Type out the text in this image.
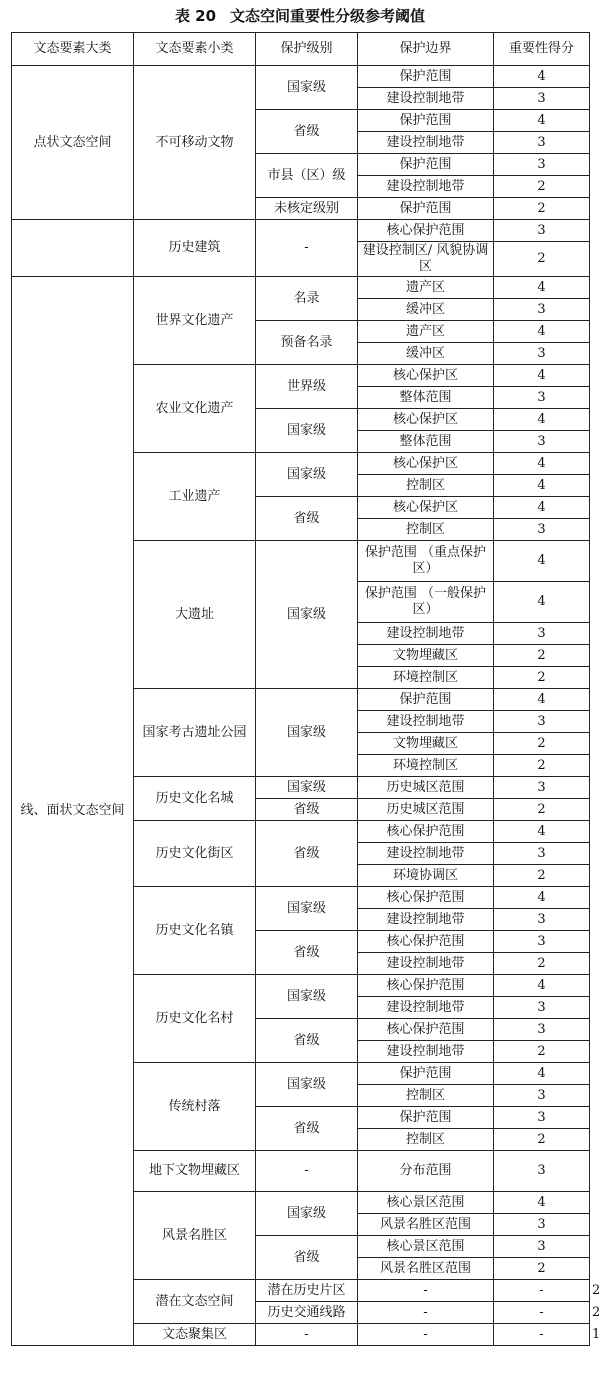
表 20 文态空间重要性分级参考阈值
文态要素大类	文态要素小类	保护级别	保护边界	重要性得分	
点状文态空间	不可移动文物	国家级	保护范围	4	
			建设控制地带	3	
		省级	保护范围	4	
			建设控制地带	3	
		市县（区）级	保护范围	3	
			建设控制地带	2	
		未核定级别	保护范围	2	
	历史建筑	-	核心保护范围	3	
			建设控制区/ 风貌协调区	2	
线、面状文态空间	世界文化遗产	名录	遗产区	4	
			缓冲区	3	
		预备名录	遗产区	4	
			缓冲区	3	
	农业文化遗产	世界级	核心保护区	4	
			整体范围	3	
		国家级	核心保护区	4	
			整体范围	3	
	工业遗产	国家级	核心保护区	4	
			控制区	4	
		省级	核心保护区	4	
			控制区	3	
	大遗址	国家级	保护范围 （重点保护区）	4	
			保护范围 （一般保护区）	4	
			建设控制地带	3	
			文物埋藏区	2	
			环境控制区	2	
	国家考古遗址公园	国家级	保护范围	4	
			建设控制地带	3	
			文物埋藏区	2	
			环境控制区	2	
	历史文化名城	国家级	历史城区范围	3	
		省级	历史城区范围	2	
	历史文化街区	省级	核心保护范围	4	
			建设控制地带	3	
			环境协调区	2	
	历史文化名镇	国家级	核心保护范围	4	
			建设控制地带	3	
		省级	核心保护范围	3	
			建设控制地带	2	
	历史文化名村	国家级	核心保护范围	4	
			建设控制地带	3	
		省级	核心保护范围	3	
			建设控制地带	2	
	传统村落	国家级	保护范围	4	
			控制区	3	
		省级	保护范围	3	
			控制区	2	
	地下文物埋藏区	-	分布范围	3	
	风景名胜区	国家级	核心景区范围	4	
			风景名胜区范围	3	
		省级	核心景区范围	3	
			风景名胜区范围	2	
	潜在文态空间	潜在历史片区	-	-	2
		历史交通线路	-	-	2
	文态聚集区	-	-	-	1
